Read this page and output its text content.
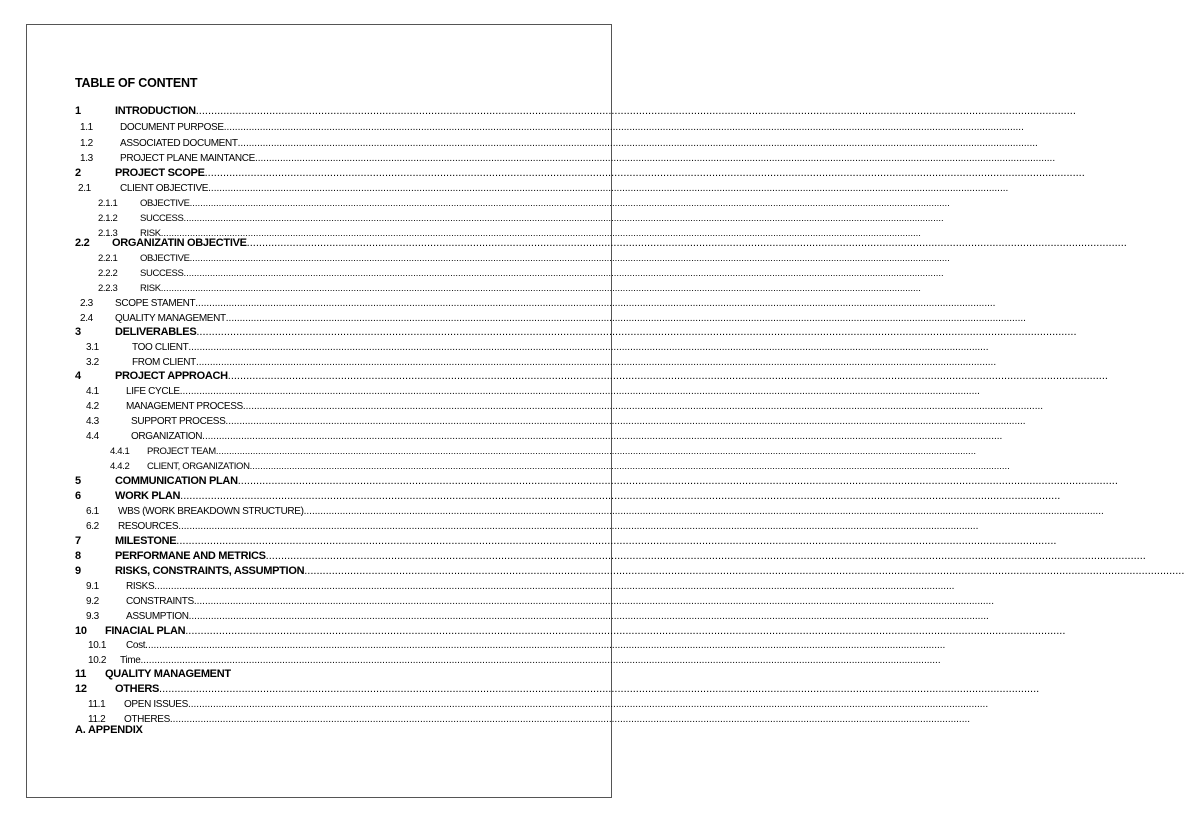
TABLE OF CONTENT
1	INTRODUCTION ................................................................................................................................................................................................................................................................................................
1.1	DOCUMENT PURPOSE ................................................................................................................................................................................................................................................................................................
1.2	ASSOCIATED DOCUMENT ................................................................................................................................................................................................................................................................................................
1.3	PROJECT PLANE MAINTANCE ................................................................................................................................................................................................................................................................................................
2	PROJECT SCOPE ................................................................................................................................................................................................................................................................................................
2.1	CLIENT OBJECTIVE ................................................................................................................................................................................................................................................................................................
2.1.1	OBJECTIVE ................................................................................................................................................................................................................................................................................................
2.1.2	SUCCESS ................................................................................................................................................................................................................................................................................................
2.1.3	RISK ................................................................................................................................................................................................................................................................................................
2.2	ORGANIZATIN OBJECTIVE ................................................................................................................................................................................................................................................................................................
2.2.1	OBJECTIVE ................................................................................................................................................................................................................................................................................................
2.2.2	SUCCESS ................................................................................................................................................................................................................................................................................................
2.2.3	RISK ................................................................................................................................................................................................................................................................................................
2.3	SCOPE STAMENT ................................................................................................................................................................................................................................................................................................
2.4	QUALITY MANAGEMENT ................................................................................................................................................................................................................................................................................................
3	DELIVERABLES ................................................................................................................................................................................................................................................................................................
3.1	TOO CLIENT ................................................................................................................................................................................................................................................................................................
3.2	FROM CLIENT ................................................................................................................................................................................................................................................................................................
4	PROJECT APPROACH ................................................................................................................................................................................................................................................................................................
4.1	LIFE CYCLE ................................................................................................................................................................................................................................................................................................
4.2	MANAGEMENT PROCESS ................................................................................................................................................................................................................................................................................................
4.3	SUPPORT PROCESS ................................................................................................................................................................................................................................................................................................
4.4	ORGANIZATION ................................................................................................................................................................................................................................................................................................
4.4.1	PROJECT TEAM ................................................................................................................................................................................................................................................................................................
4.4.2	CLIENT, ORGANIZATION ................................................................................................................................................................................................................................................................................................
5	COMMUNICATION PLAN ................................................................................................................................................................................................................................................................................................
6	WORK PLAN ................................................................................................................................................................................................................................................................................................
6.1	WBS (WORK BREAKDOWN STRUCTURE) ................................................................................................................................................................................................................................................................................................
6.2	RESOURCES ................................................................................................................................................................................................................................................................................................
7	MILESTONE ................................................................................................................................................................................................................................................................................................
8	PERFORMANE AND METRICS ................................................................................................................................................................................................................................................................................................
9	RISKS, CONSTRAINTS, ASSUMPTION ................................................................................................................................................................................................................................................................................................
9.1	RISKS ................................................................................................................................................................................................................................................................................................
9.2	CONSTRAINTS ................................................................................................................................................................................................................................................................................................
9.3	ASSUMPTION ................................................................................................................................................................................................................................................................................................
10	FINACIAL PLAN ................................................................................................................................................................................................................................................................................................
10.1	Cost ................................................................................................................................................................................................................................................................................................
10.2	Time ................................................................................................................................................................................................................................................................................................
11	QUALITY MANAGEMENT
12	OTHERS ................................................................................................................................................................................................................................................................................................
11.1	OPEN ISSUES ................................................................................................................................................................................................................................................................................................
11.2	OTHERES ................................................................................................................................................................................................................................................................................................
A. APPENDIX
